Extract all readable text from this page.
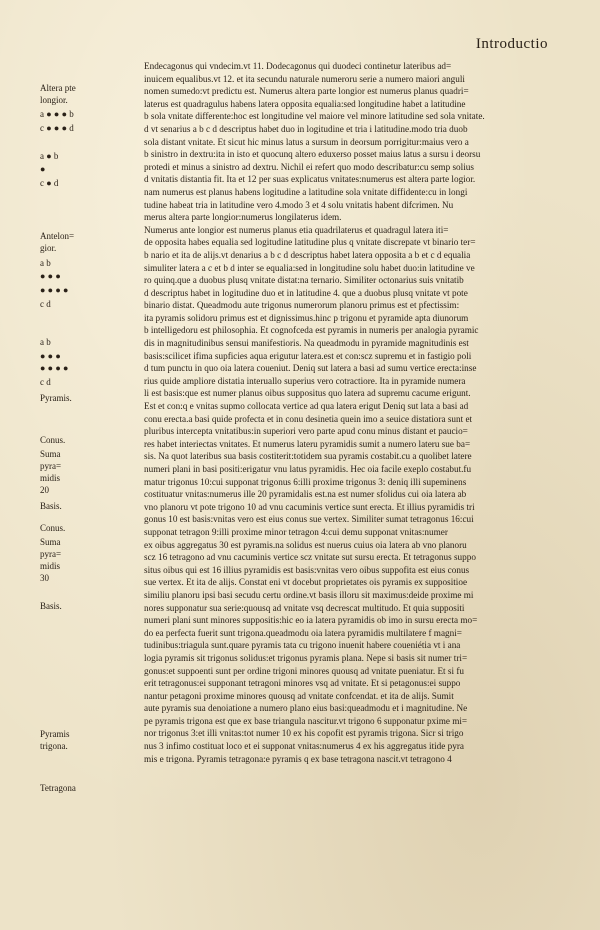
Introductio
Altera pte
longior.
a ● ● ● b
c ● ● ● d
a ● b
●
c ● d
Antelon=
gior.
a b
● ● ●
● ● ● ●
c d
a b
● ● ●
● ● ● ●
c d
Pyramis.
Conus.
Suma
pyra=
midis
20
Basis.
Conus.
Suma
pyra=
midis
30
Basis.
Pyramis
trigona.
Tetragona
Endecagonus qui vndecim.vt 11. Dodecagonus qui duodeci continetur lateribus ad=
inuicem equalibus.vt 12. et ita secundu naturale numeroru serie a numero maiori anguli
nomen sumedo:vt predictu est. Numerus altera parte longior est numerus planus quadri=
laterus est quadragulus habens latera opposita equalia:sed longitudine habet a latitudine
b sola vnitate differente:hoc est longitudine vel maiore vel minore latitudine sed sola vnitate.
d vt senarius a b c d descriptus habet duo in logitudine et tria i latitudine.modo tria duob
sola distant vnitate. Et sicut hic minus latus a sursum in deorsum porrigitur:maius vero a
b sinistro in dextru:ita in isto et quocunq altero eduxerso posset maius latus a sursu i deorsu
protedi et minus a sinistro ad dextru. Nichil ei refert quo modo describatur:cu semp solius
d vnitatis distantia fit. Ita et 12 per suas explicatus vnitates:numerus est altera parte logior.
nam numerus est planus habens logitudine a latitudine sola vnitate diffidente:cu in longi
tudine habeat tria in latitudine vero 4.modo 3 et 4 solu vnitatis habent difcrimen. Nu
merus altera parte longior:numerus longilaterus idem.
Numerus ante longior est numerus planus etia quadrilaterus et quadragul latera iti=
de opposita habes equalia sed logitudine latitudine plus q vnitate discrepate vt binario ter=
b nario et ita de alijs.vt denarius a b c d descriptus habet latera opposita a b et c d equalia
simuliter latera a c et b d inter se equalia:sed in longitudine solu habet duo:in latitudine ve
ro quinq.que a duobus plusq vnitate distat:na ternario. Similiter octonarius suis vnitatib
d descriptus habet in logitudine duo et in latitudine 4. que a duobus plusq vnitate vt pote
binario distat. Queadmodu aute trigonus numerorum planoru primus est et pfectissim:
ita pyramis solidoru primus est et dignissimus.hinc p trigonu et pyramide apta diunorum
b intelligedoru est philosophia. Et cognofceda est pyramis in numeris per analogia pyramic
dis in magnitudinibus sensui manifestioris. Na queadmodu in pyramide magnitudinis est
basis:scilicet ifima supficies aqua erigutur latera.est et con:scz supremu et in fastigio poli
d tum punctu in quo oia latera coueniut. Deniq sut latera a basi ad sumu vertice erecta:inse
rius quide ampliore distatia interuallo superius vero cotractiore. Ita in pyramide numera
li est basis:que est numer planus oibus suppositus quo latera ad supremu cacume erigunt.
Est et con:q e vnitas supmo collocata vertice ad qua latera erigut Deniq sut lata a basi ad
conu erecta.a basi quide profecta et in conu desinetia quein imo a seuice distatiora sunt et
pluribus intercepta vnitatibus:in superiori vero parte apud conu minus distant et paucio=
res habet interiectas vnitates. Et numerus lateru pyramidis sumit a numero lateru sue ba=
sis. Na quot lateribus sua basis costiterit:totidem sua pyramis costabit.cu a quolibet latere
numeri plani in basi positi:erigatur vnu latus pyramidis. Hec oia facile exeplo costabut.fu
matur trigonus 10:cui supponat trigonus 6:illi proxime trigonus 3: deniq illi supeminens
costituatur vnitas:numerus ille 20 pyramidalis est.na est numer sfolidus cui oia latera ab
vno planoru vt pote trigono 10 ad vnu cacuminis vertice sunt erecta. Et illius pyramidis tri
gonus 10 est basis:vnitas vero est eius conus sue vertex. Similiter sumat tetragonus 16:cui
supponat tetragon 9:illi proxime minor tetragon 4:cui demu supponat vnitas:numer
ex oibus aggregatus 30 est pyramis.na solidus est nuerus cuius oia latera ab vno planoru
scz 16 tetragono ad vnu cacuminis vertice scz vnitate sut sursu erecta. Et tetragonus suppo
situs oibus qui est 16 illius pyramidis est basis:vnitas vero oibus suppofita est eius conus
sue vertex. Et ita de alijs. Constat eni vt docebut proprietates ois pyramis ex suppositioe
similiu planoru ipsi basi secudu certu ordine.vt basis illoru sit maximus:deide proxime mi
nores supponatur sua serie:quousq ad vnitate vsq decrescat multitudo. Et quia suppositi
numeri plani sunt minores suppositis:hic eo ia latera pyramidis ob imo in sursu erecta mo=
do ea perfecta fuerit sunt trigona.queadmodu oia latera pyramidis multilatere f magni=
tudinibus:triagula sunt.quare pyramis tata cu trigono inuenit habere coueniétia vt i ana
logia pyramis sit trigonus solidus:et trigonus pyramis plana. Nepe si basis sit numer tri=
gonus:et suppoenti sunt per ordine trigoni minores quousq ad vnitate pueniatur. Et si fu
erit tetragonus:ei supponant tetragoni minores vsq ad vnitate. Et si petagonus:ei suppo
nantur petagoni proxime minores quousq ad vnitate confcendat. et ita de alijs. Sumit
aute pyramis sua denoiatione a numero plano eius basi:queadmodu et i magnitudine. Ne
pe pyramis trigona est que ex base triangula nascitur.vt trigono 6 supponatur pxime mi=
nor trigonus 3:et illi vnitas:tot numer 10 ex his copofit est pyramis trigona. Sicr si trigo
nus 3 infimo costituat loco et ei supponat vnitas:numerus 4 ex his aggregatus itide pyra
mis e trigona. Pyramis tetragona:e pyramis q ex base tetragona nascit.vt tetragono 4
